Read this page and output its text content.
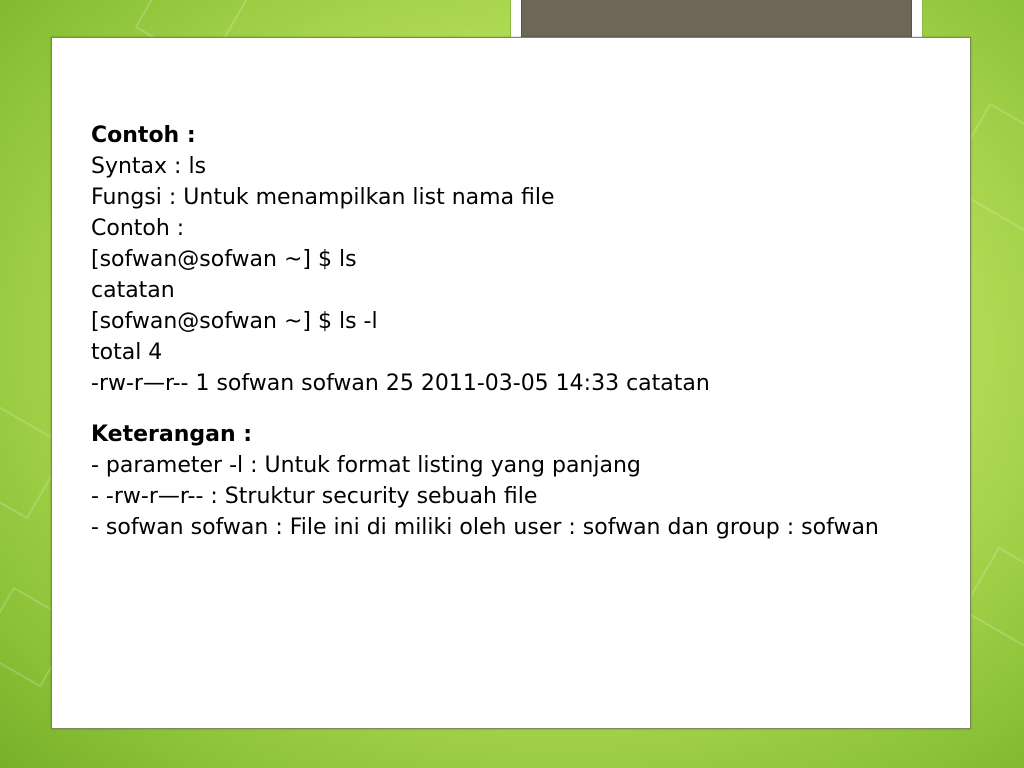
Contoh :
Syntax : ls
Fungsi : Untuk menampilkan list nama file
Contoh :
[sofwan@sofwan ~] $ ls
catatan
[sofwan@sofwan ~] $ ls -l
total 4
-rw-r—r-- 1 sofwan sofwan 25 2011-03-05 14:33 catatan
Keterangan :
- parameter -l : Untuk format listing yang panjang
- -rw-r—r-- : Struktur security sebuah file
- sofwan sofwan : File ini di miliki oleh user : sofwan dan group : sofwan
